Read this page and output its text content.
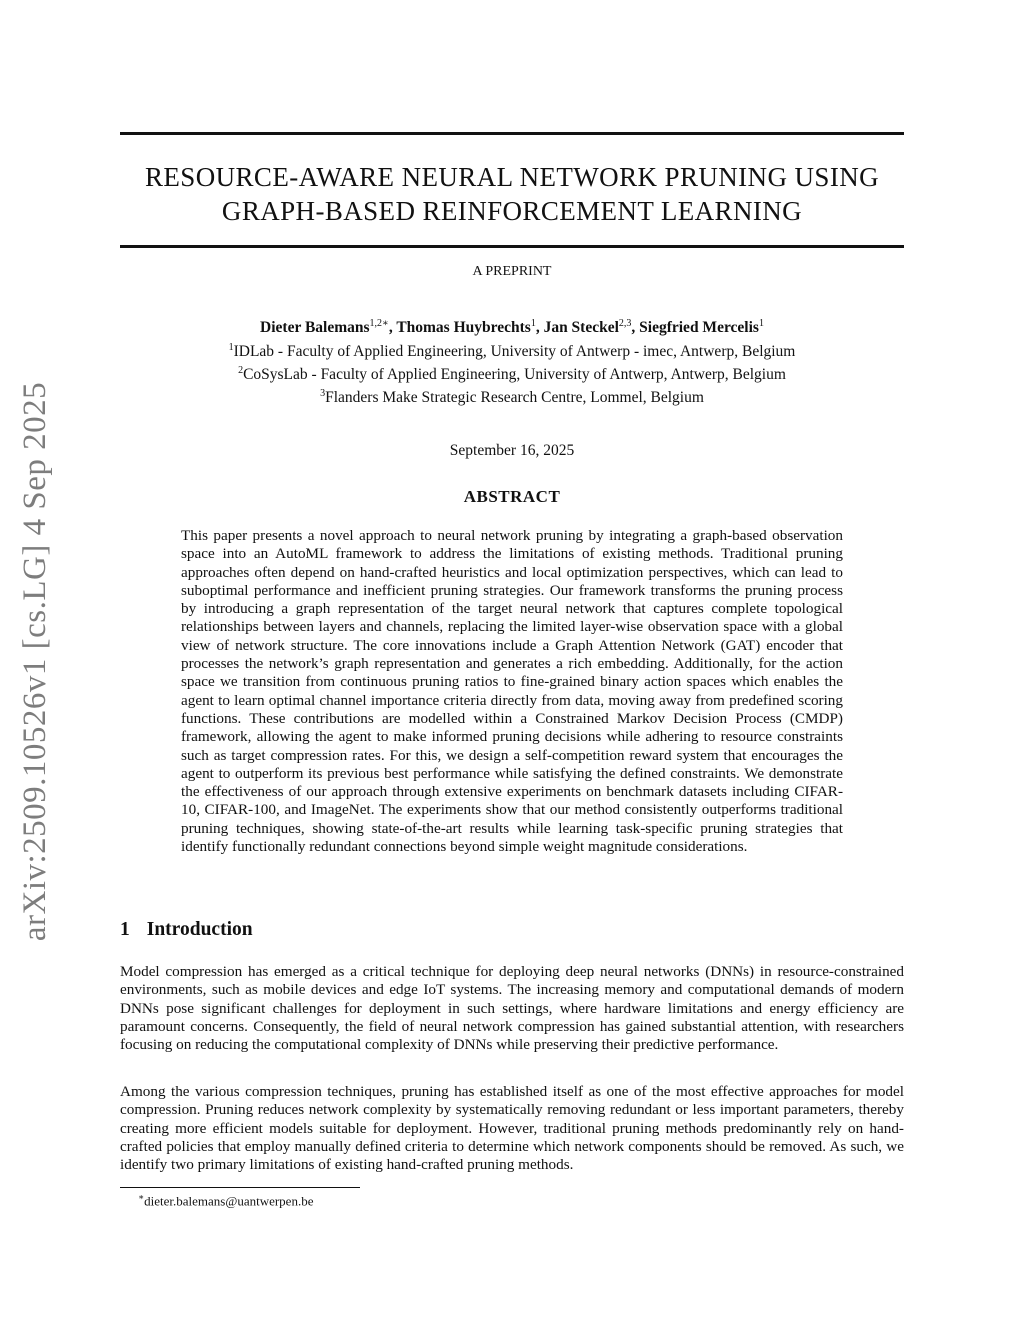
arXiv:2509.10526v1 [cs.LG] 4 Sep 2025
RESOURCE-AWARE NEURAL NETWORK PRUNING USING
GRAPH-BASED REINFORCEMENT LEARNING
A PREPRINT
Dieter Balemans$^{1,2∗}$, Thomas Huybrechts$^1$, Jan Steckel$^{2,3}$, Siegfried Mercelis$^1$
$^1$IDLab - Faculty of Applied Engineering, University of Antwerp - imec, Antwerp, Belgium
$^2$CoSysLab - Faculty of Applied Engineering, University of Antwerp, Antwerp, Belgium
$^3$Flanders Make Strategic Research Centre, Lommel, Belgium
September 16, 2025
ABSTRACT
This paper presents a novel approach to neural network pruning by integrating a graph-based observation space into an AutoML framework to address the limitations of existing methods. Traditional pruning approaches often depend on hand-crafted heuristics and local optimization perspectives, which can lead to suboptimal performance and inefficient pruning strategies. Our framework transforms the pruning process by introducing a graph representation of the target neural network that captures complete topological relationships between layers and channels, replacing the limited layer-wise observation space with a global view of network structure. The core innovations include a Graph Attention Network (GAT) encoder that processes the network’s graph representation and generates a rich embedding. Additionally, for the action space we transition from continuous pruning ratios to fine-grained binary action spaces which enables the agent to learn optimal channel importance criteria directly from data, moving away from predefined scoring functions. These contributions are modelled within a Constrained Markov Decision Process (CMDP) framework, allowing the agent to make informed pruning decisions while adhering to resource constraints such as target compression rates. For this, we design a self-competition reward system that encourages the agent to outperform its previous best performance while satisfying the defined constraints. We demonstrate the effectiveness of our approach through extensive experiments on benchmark datasets including CIFAR-10, CIFAR-100, and ImageNet. The experiments show that our method consistently outperforms traditional pruning techniques, showing state-of-the-art results while learning task-specific pruning strategies that identify functionally redundant connections beyond simple weight magnitude considerations.
1 Introduction
Model compression has emerged as a critical technique for deploying deep neural networks (DNNs) in resource-constrained environments, such as mobile devices and edge IoT systems. The increasing memory and computational demands of modern DNNs pose significant challenges for deployment in such settings, where hardware limitations and energy efficiency are paramount concerns. Consequently, the field of neural network compression has gained substantial attention, with researchers focusing on reducing the computational complexity of DNNs while preserving their predictive performance.
Among the various compression techniques, pruning has established itself as one of the most effective approaches for model compression. Pruning reduces network complexity by systematically removing redundant or less important parameters, thereby creating more efficient models suitable for deployment. However, traditional pruning methods predominantly rely on hand-crafted policies that employ manually defined criteria to determine which network components should be removed. As such, we identify two primary limitations of existing hand-crafted pruning methods.
∗dieter.balemans@uantwerpen.be
